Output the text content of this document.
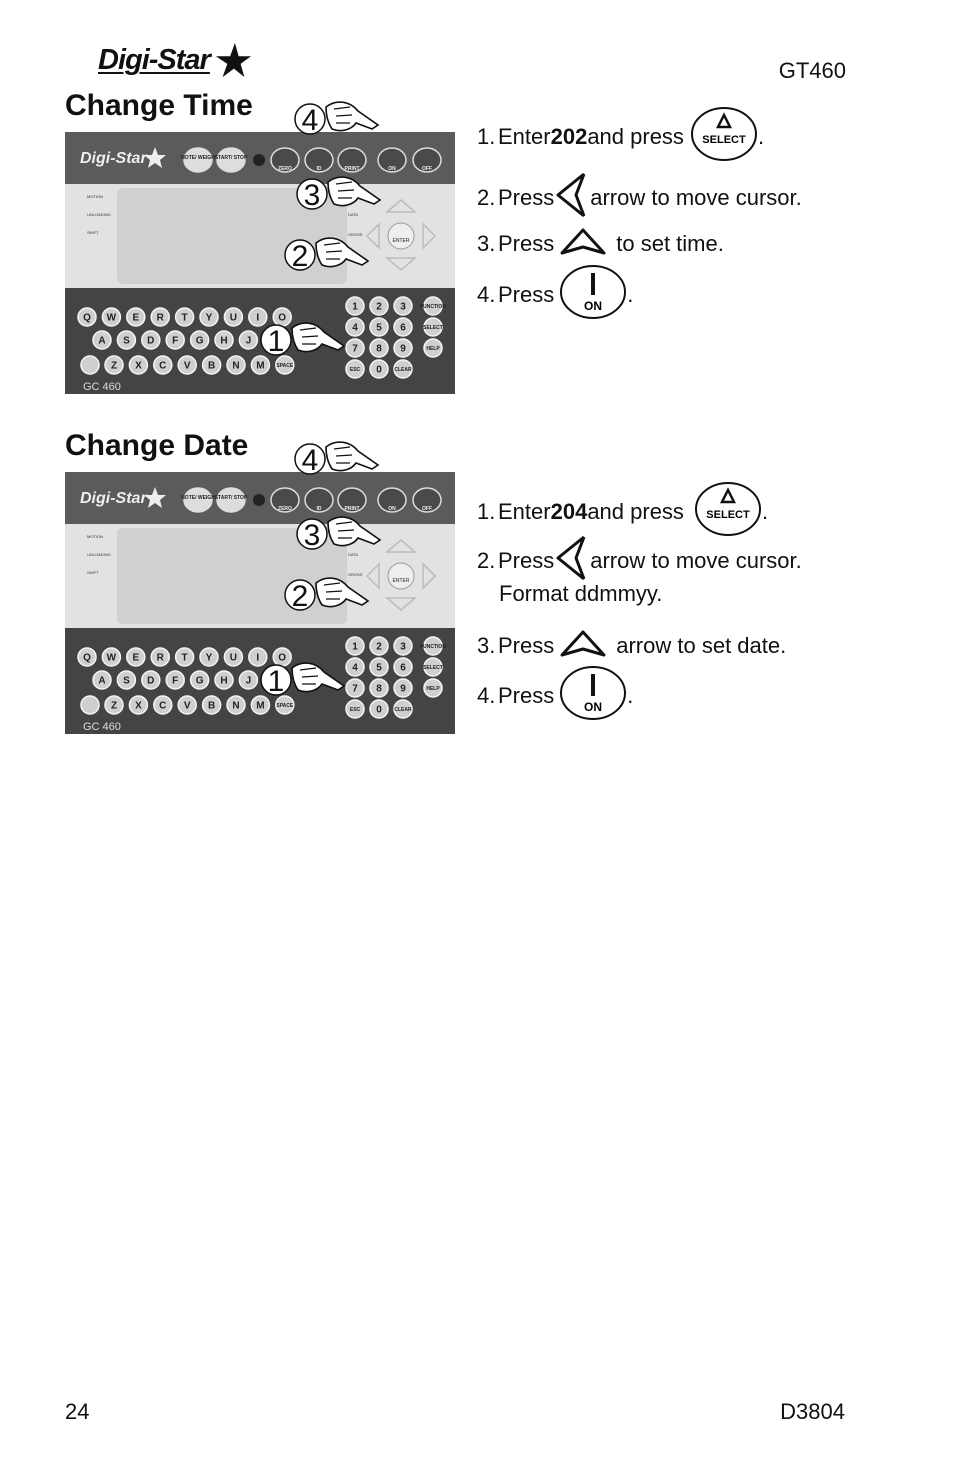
Digi-Star	GT460
Change Time
Digi-Star	NOTE/ WEIGH START/ STOP
ZERO	ID	PRINT	ON	OFF
MOTION
UNLOADING
SHIFT
DATA
GROSS
ENTER
Q W E R T Y U I O
A S D F G H J
Z X C V B N M SPACE
1 2 3	FUNCTION
4 5 6	SELECT
7 8 9	HELP
ESC 0	CLEAR
GC 460
4
3
2
1
1. Enter 202 and press SELECT .
2. Press arrow to move cursor.
3. Press	to set time.
4. Press	ON .
Change Date
Digi-Star	NOTE/ WEIGH START/ STOP
ZERO	ID	PRINT	ON	OFF
MOTION
UNLOADING
SHIFT
DATA
GROSS
ENTER
Q W E R T Y U I O
A S D F G H J
Z X C V B N M SPACE
1 2 3	FUNCTION
4 5 6	SELECT
7 8 9	HELP
ESC 0	CLEAR
GC 460
4
3
2
1
1. Enter 204 and press SELECT .
2. Press arrow to move cursor.
Format ddmmyy.
3. Press	arrow to set date.
4. Press	ON .
24	D3804
